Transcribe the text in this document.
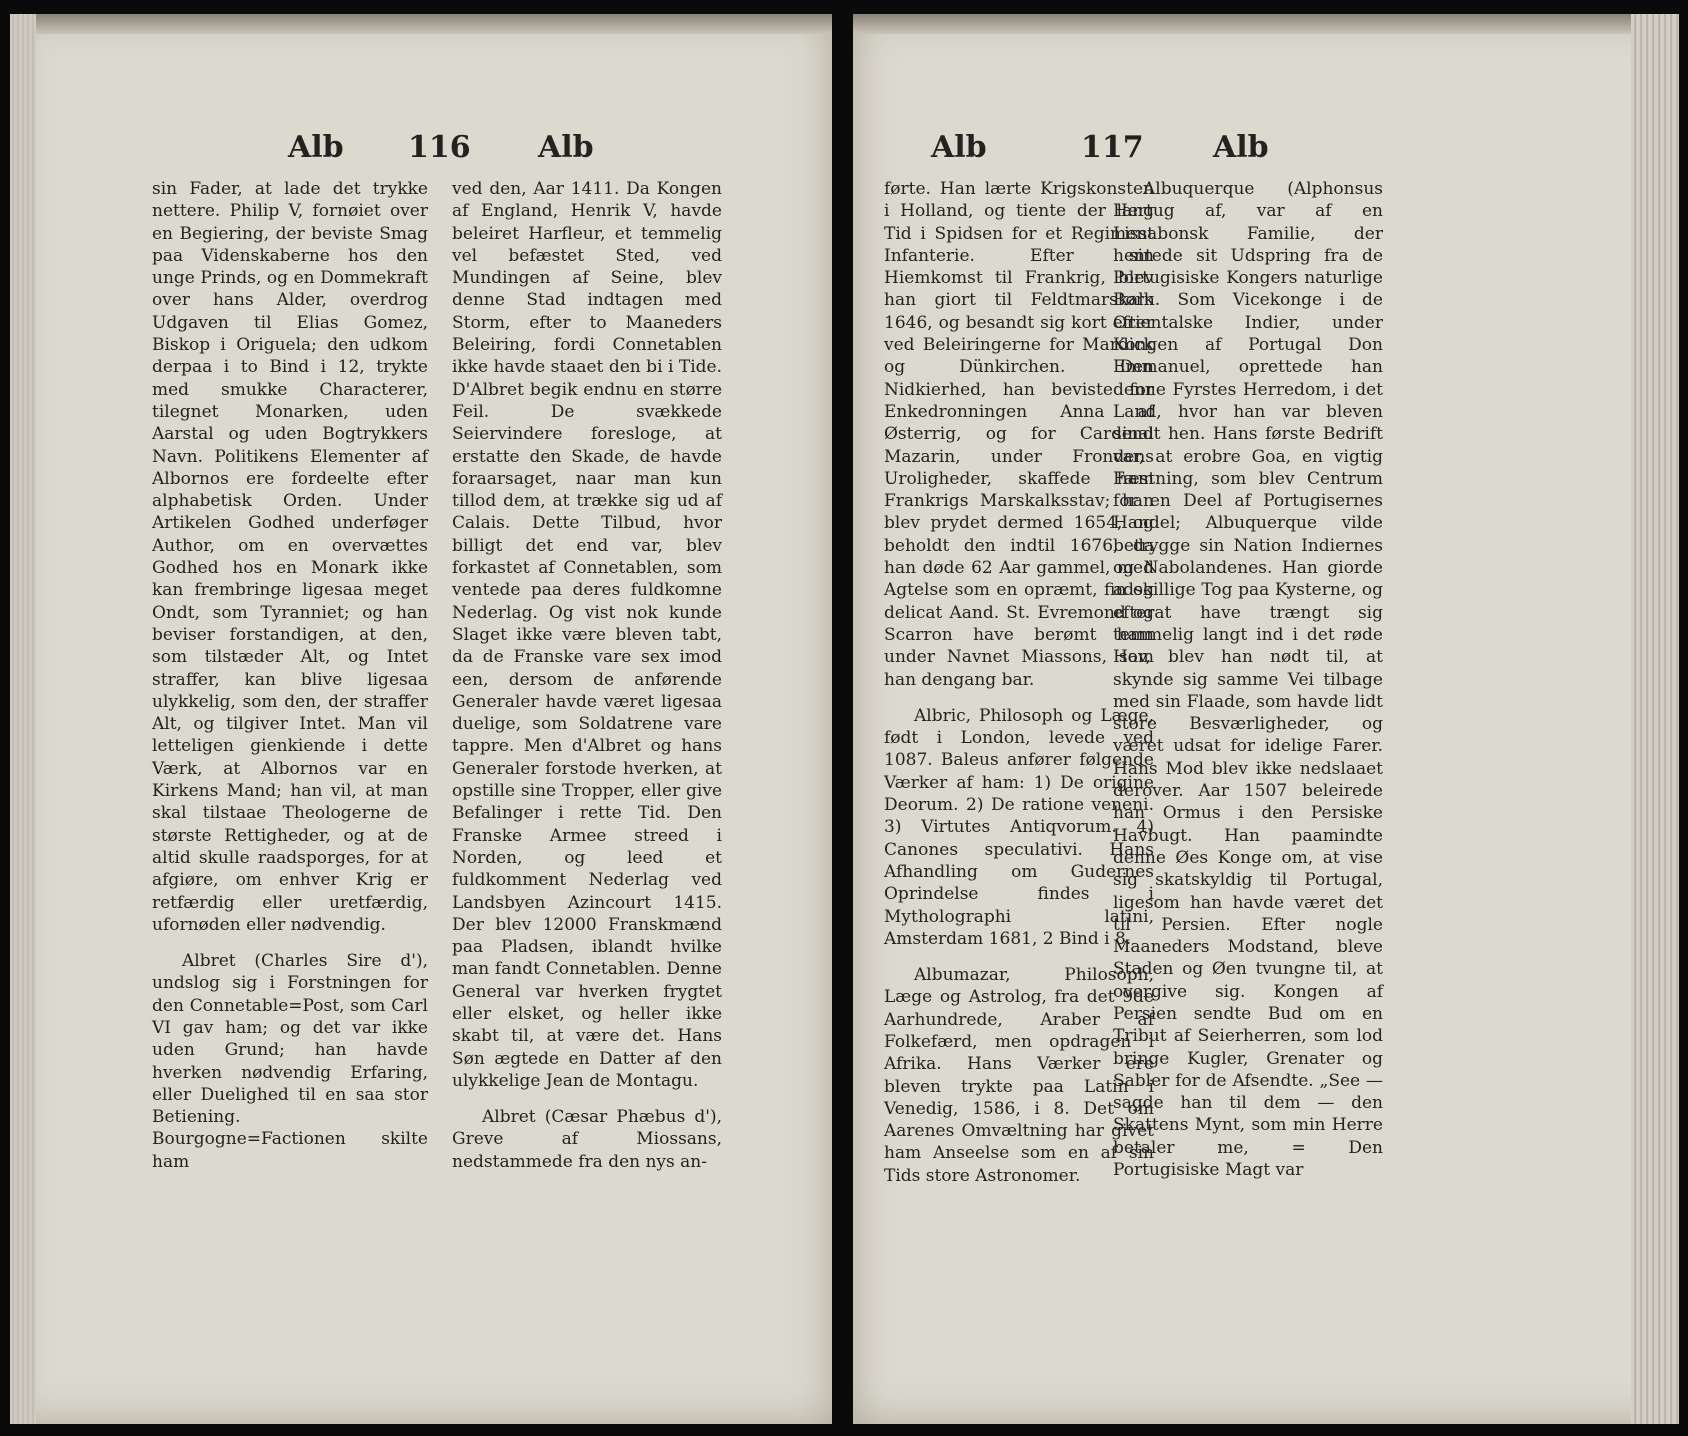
Alb 116 Alb

sin Fader, at lade det trykke nettere. Philip V, fornøiet over en Begiering, der beviste Smag paa Videnskaberne hos den unge Prinds, og en Dommekraft over hans Alder, overdrog Udgaven til Elias Gomez, Biskop i Origuela; den udkom derpaa i to Bind i 12, trykte med smukke Characterer, tilegnet Monarken, uden Aarstal og uden Bogtrykkers Navn. Politikens Elementer af Albornos ere fordeelte efter alphabetisk Orden. Under Artikelen Godhed underføger Author, om en overvættes Godhed hos en Monark ikke kan frembringe ligesaa meget Ondt, som Tyranniet; og han beviser forstandigen, at den, som tilstæder Alt, og Intet straffer, kan blive ligesaa ulykkelig, som den, der straffer Alt, og tilgiver Intet. Man vil letteligen gienkiende i dette Værk, at Albornos var en Kirkens Mand; han vil, at man skal tilstaae Theologerne de største Rettigheder, og at de altid skulle raadsporges, for at afgiøre, om enhver Krig er retfærdig eller uretfærdig, ufornøden eller nødvendig.

Albret (Charles Sire d'), undslog sig i Forstningen for den Connetable=Post, som Carl VI gav ham; og det var ikke uden Grund; han havde hverken nødvendig Erfaring, eller Duelighed til en saa stor Betiening. Bourgogne=Factionen skilte ham

ved den, Aar 1411. Da Kongen af England, Henrik V, havde beleiret Harfleur, et temmelig vel befæstet Sted, ved Mundingen af Seine, blev denne Stad indtagen med Storm, efter to Maaneders Beleiring, fordi Connetablen ikke havde staaet den bi i Tide. D'Albret begik endnu en større Feil. De svækkede Seiervindere foresloge, at erstatte den Skade, de havde foraarsaget, naar man kun tillod dem, at trække sig ud af Calais. Dette Tilbud, hvor billigt det end var, blev forkastet af Connetablen, som ventede paa deres fuldkomne Nederlag. Og vist nok kunde Slaget ikke være bleven tabt, da de Franske vare sex imod een, dersom de anførende Generaler havde været ligesaa duelige, som Soldatrene vare tappre. Men d'Albret og hans Generaler forstode hverken, at opstille sine Tropper, eller give Befalinger i rette Tid. Den Franske Armee streed i Norden, og leed et fuldkomment Nederlag ved Landsbyen Azincourt 1415. Der blev 12000 Franskmænd paa Pladsen, iblandt hvilke man fandt Connetablen. Denne General var hverken frygtet eller elsket, og heller ikke skabt til, at være det. Hans Søn ægtede en Datter af den ulykkelige Jean de Montagu.

Albret (Cæsar Phæbus d'), Greve af Miossans, nedstammede fra den nys an-

Alb	117 Alb

førte. Han lærte Krigskonsten i Holland, og tiente der lang Tid i Spidsen for et Regiment Infanterie. Efter sin Hiemkomst til Frankrig, blev han giort til Feldtmarskalk 1646, og besandt sig kort efter ved Beleiringerne for Mardick og Dünkirchen. Den Nidkierhed, han beviste for Enkedronningen Anna af Østerrig, og for Cardinal Mazarin, under Frondens Uroligheder, skaffede ham Frankrigs Marskalksstav; han blev prydet dermed 1654, og beholdt den indtil 1676, da han døde 62 Aar gammel, med Agtelse som en opræmt, fin og delicat Aand. St. Evremond og Scarron have berømt ham under Navnet Miassons, som han dengang bar.

Albric, Philosoph og Læge, født i London, levede ved 1087. Baleus anfører følgende Værker af ham: 1) De origine Deorum. 2) De ratione veneni. 3) Virtutes Antiqvorum. 4) Canones speculativi. Hans Afhandling om Gudernes Oprindelse findes i Mytholographi latini, Amsterdam 1681, 2 Bind i 8.

Albumazar, Philosoph, Læge og Astrolog, fra det 9de Aarhundrede, Araber af Folkefærd, men opdragen i Afrika. Hans Værker ere bleven trykte paa Latin i Venedig, 1586, i 8. Det om Aarenes Omvæltning har givet ham Anseelse som en af sin Tids store Astronomer.

Albuquerque (Alphonsus Hertug af, var af en Lissabonsk Familie, der hentede sit Udspring fra de Portugisiske Kongers naturlige Børn. Som Vicekonge i de Orientalske Indier, under Kongen af Portugal Don Emmanuel, oprettede han denne Fyrstes Herredom, i det Land, hvor han var bleven sendt hen. Hans første Bedrift var, at erobre Goa, en vigtig Fæstning, som blev Centrum for en Deel af Portugisernes Handel; Albuquerque vilde betrygge sin Nation Indiernes og Nabolandenes. Han giorde adskillige Tog paa Kysterne, og efterat have trængt sig temmelig langt ind i det røde Hav, blev han nødt til, at skynde sig samme Vei tilbage med sin Flaade, som havde lidt store Besværligheder, og været udsat for idelige Farer. Hans Mod blev ikke nedslaaet derover. Aar 1507 beleirede han Ormus i den Persiske Havbugt. Han paamindte denne Øes Konge om, at vise sig skatskyldig til Portugal, ligesom han havde været det til Persien. Efter nogle Maaneders Modstand, bleve Staden og Øen tvungne til, at overgive sig. Kongen af Persien sendte Bud om en Tribut af Seierherren, som lod bringe Kugler, Grenater og Sabler for de Afsendte. „See — sagde han til dem — den Skattens Mynt, som min Herre betaler me, = Den Portugisiske Magt var
